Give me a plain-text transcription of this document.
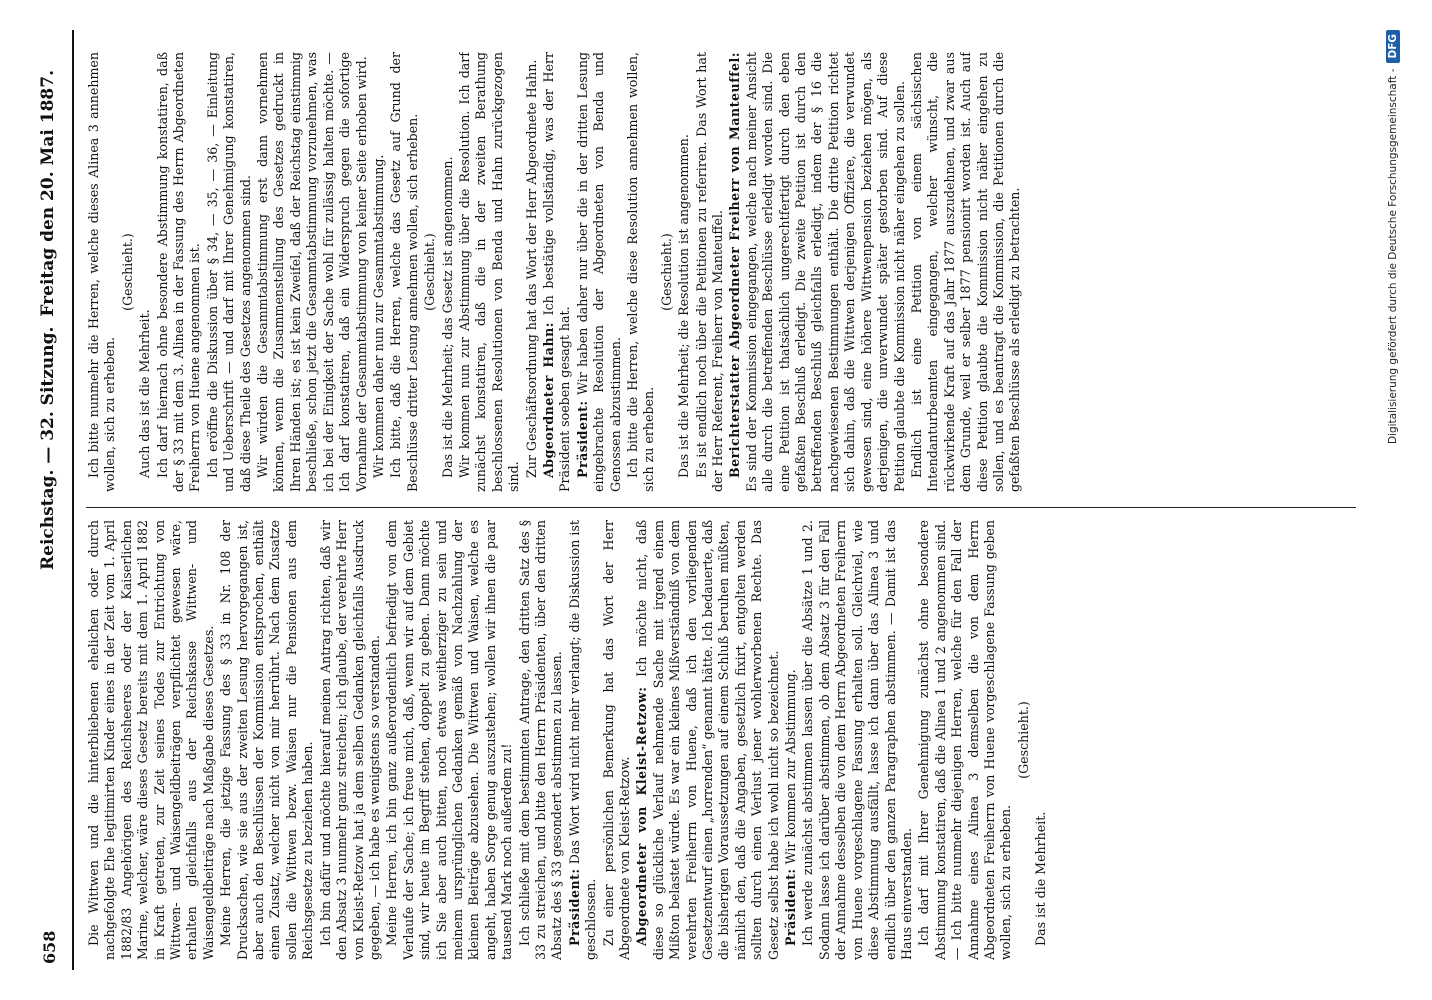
658
Reichstag. — 32. Sitzung.
Freitag den 20. Mai 1887.

Die Wittwen und die hinterbliebenen ehelichen oder durch nachgefolgte Ehe legitimirten Kinder eines in der Zeit vom 1. April 1882/83 Angehörigen des Reichsheeres oder der Kaiserlichen Marine, welcher, wäre dieses Gesetz bereits mit dem 1. April 1882 in Kraft getreten, zur Zeit seines Todes zur Entrichtung von Wittwen- und Waisengeldbeiträgen verpflichtet gewesen wäre, erhalten gleichfalls aus der Reichskasse Wittwen- und Waisengeldbeiträge nach Maßgabe dieses Gesetzes. Meine Herren, die jetzige Fassung des § 33 in Nr. 108 der Drucksachen, wie sie aus der zweiten Lesung hervorgegangen ist, aber auch den Beschlüssen der Kommission entsprochen, enthält einen Zusatz, welcher nicht von mir herrührt. Nach dem Zusatze sollen die Wittwen bezw. Waisen nur die Pensionen aus dem Reichsgesetze zu beziehen haben. Ich bin dafür und möchte hierauf meinen Antrag richten, daß wir den Absatz 3 nunmehr ganz streichen; ich glaube, der verehrte Herr von Kleist-Retzow hat ja dem selben Gedanken gleichfalls Ausdruck gegeben, — ich habe es wenigstens so verstanden. Meine Herren, ich bin ganz außerordentlich befriedigt von dem Verlaufe der Sache; ich freue mich, daß, wenn wir auf dem Gebiet sind, wir heute im Begriff stehen, doppelt zu geben. Dann möchte ich Sie aber auch bitten, noch etwas weitherziger zu sein und meinem ursprünglichen Gedanken gemäß von Nachzahlung der kleinen Beiträge abzusehen. Die Wittwen und Waisen, welche es angeht, haben Sorge genug auszustehen; wollen wir ihnen die paar tausend Mark noch außerdem zu! Ich schließe mit dem bestimmten Antrage, den dritten Satz des § 33 zu streichen, und bitte den Herrn Präsidenten, über den dritten Absatz des § 33 gesondert abstimmen zu lassen. Präsident: Das Wort wird nicht mehr verlangt; die Diskussion ist geschlossen. Zu einer persönlichen Bemerkung hat das Wort der Herr Abgeordnete von Kleist-Retzow. Abgeordneter von Kleist-Retzow: Ich möchte nicht, daß diese so glückliche Verlauf nehmende Sache mit irgend einem Mißton belastet würde. Es war ein kleines Mißverständniß von dem verehrten Freiherrn von Huene, daß ich den vorliegenden Gesetzentwurf einen „horrenden“ genannt hätte. Ich bedauerte, daß die bisherigen Voraussetzungen auf einem Schluß beruhen müßten, nämlich den, daß die Angaben, gesetzlich fixirt, entgolten werden sollten durch einen Verlust jener wohlerworbenen Rechte. Das Gesetz selbst habe ich wohl nicht so bezeichnet. Präsident: Wir kommen zur Abstimmung. Ich werde zunächst abstimmen lassen über die Absätze 1 und 2. Sodann lasse ich darüber abstimmen, ob dem Absatz 3 für den Fall der Annahme desselben die von dem Herrn Abgeordneten Freiherrn von Huene vorgeschlagene Fassung erhalten soll. Gleichviel, wie diese Abstimmung ausfällt, lasse ich dann über das Alinea 3 und endlich über den ganzen Paragraphen abstimmen. — Damit ist das Haus einverstanden. Ich darf mit Ihrer Genehmigung zunächst ohne besondere Abstimmung konstatiren, daß die Alinea 1 und 2 angenommen sind. — Ich bitte nunmehr diejenigen Herren, welche für den Fall der Annahme eines Alinea 3 demselben die von dem Herrn Abgeordneten Freiherrn von Huene vorgeschlagene Fassung geben wollen, sich zu erheben.

(Geschieht.)

Das ist die Mehrheit.

Ich bitte nunmehr die Herren, welche dieses Alinea 3 annehmen wollen, sich zu erheben.

(Geschieht.)

Auch das ist die Mehrheit. Ich darf hiernach ohne besondere Abstimmung konstatiren, daß der § 33 mit dem 3. Alinea in der Fassung des Herrn Abgeordneten Freiherrn von Huene angenommen ist. Ich eröffne die Diskussion über § 34, — 35, — 36, — Einleitung und Ueberschrift — und darf mit Ihrer Genehmigung konstatiren, daß diese Theile des Gesetzes angenommen sind. Wir würden die Gesammtabstimmung erst dann vornehmen können, wenn die Zusammenstellung des Gesetzes gedruckt in Ihren Händen ist; es ist kein Zweifel, daß der Reichstag einstimmig beschließe, schon jetzt die Gesammtabstimmung vorzunehmen, was ich bei der Einigkeit der Sache wohl für zulässig halten möchte. — Ich darf konstatiren, daß ein Widerspruch gegen die sofortige Vornahme der Gesammtabstimmung von keiner Seite erhoben wird. Wir kommen daher nun zur Gesammtabstimmung. Ich bitte, daß die Herren, welche das Gesetz auf Grund der Beschlüsse dritter Lesung annehmen wollen, sich erheben. (Geschieht.) Das ist die Mehrheit; das Gesetz ist angenommen. Wir kommen nun zur Abstimmung über die Resolution. Ich darf zunächst konstatiren, daß die in der zweiten Berathung beschlossenen Resolutionen von Benda und Hahn zurückgezogen sind. Zur Geschäftsordnung hat das Wort der Herr Abgeordnete Hahn. Abgeordneter Hahn: Ich bestätige vollständig, was der Herr Präsident soeben gesagt hat. Präsident: Wir haben daher nur über die in der dritten Lesung eingebrachte Resolution der Abgeordneten von Benda und Genossen abzustimmen. Ich bitte die Herren, welche diese Resolution annehmen wollen, sich zu erheben.

(Geschieht.) Das ist die Mehrheit; die Resolution ist angenommen. Es ist endlich noch über die Petitionen zu referiren. Das Wort hat der Herr Referent, Freiherr von Manteuffel. Berichterstatter Abgeordneter Freiherr von Manteuffel: Es sind der Kommission eingegangen, welche nach meiner Ansicht alle durch die betreffenden Beschlüsse erledigt worden sind. Die eine Petition ist thatsächlich ungerechtfertigt durch den eben gefaßten Beschluß erledigt. Die zweite Petition ist durch den betreffenden Beschluß gleichfalls erledigt, indem der § 16 die nachgewiesenen Bestimmungen enthält. Die dritte Petition richtet sich dahin, daß die Wittwen derjenigen Offiziere, die verwundet gewesen sind, eine höhere Wittwenpension beziehen mögen, als derjenigen, die unverwundet später gestorben sind. Auf diese Petition glaubte die Kommission nicht näher eingehen zu sollen. Endlich ist eine Petition von einem sächsischen Intendanturbeamten eingegangen, welcher wünscht, die rückwirkende Kraft auf das Jahr 1877 auszudehnen, und zwar aus dem Grunde, weil er selber 1877 pensionirt worden ist. Auch auf diese Petition glaubte die Kommission nicht näher eingehen zu sollen, und es beantragt die Kommission, die Petitionen durch die gefaßten Beschlüsse als erledigt zu betrachten.	Digitalisierung gefördert durch die Deutsche Forschungsgemeinschaft -DFG
